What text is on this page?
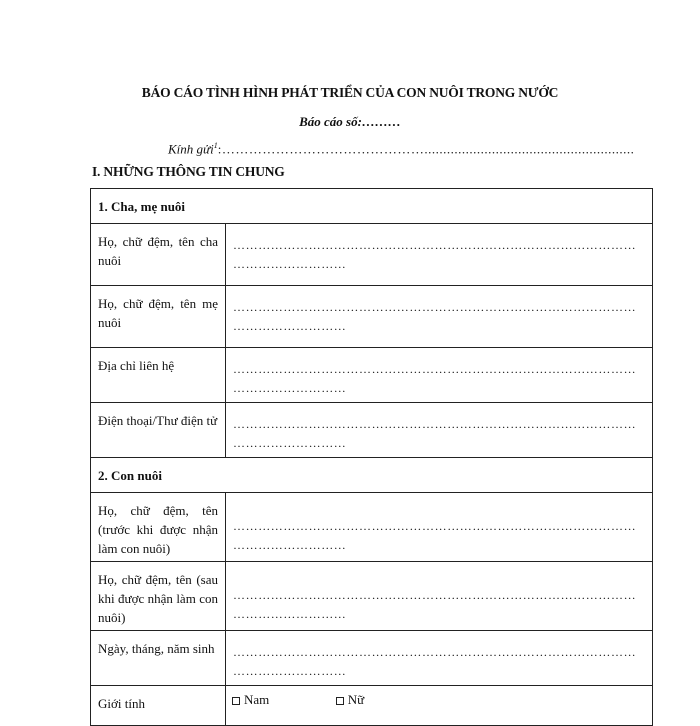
BÁO CÁO TÌNH HÌNH PHÁT TRIỂN CỦA CON NUÔI TRONG NƯỚC
Báo cáo số:………
Kính gửi$^1$:………………………………………........................................................
I. NHỮNG THÔNG TIN CHUNG
1. Cha, mẹ nuôi	
Họ, chữ đệm, tên cha nuôi	……………………………………………………………………………………
………………………

Họ, chữ đệm, tên mẹ nuôi	……………………………………………………………………………………
………………………

Địa chỉ liên hệ	……………………………………………………………………………………
………………………

Điện thoại/Thư điện tử	……………………………………………………………………………………
………………………

2. Con nuôi	
Họ, chữ đệm, tên (trước khi được nhận làm con nuôi)	……………………………………………………………………………………
………………………

Họ, chữ đệm, tên (sau khi được nhận làm con nuôi)	……………………………………………………………………………………
………………………

Ngày, tháng, năm sinh	……………………………………………………………………………………
………………………

Giới tính	Nam Nữ
